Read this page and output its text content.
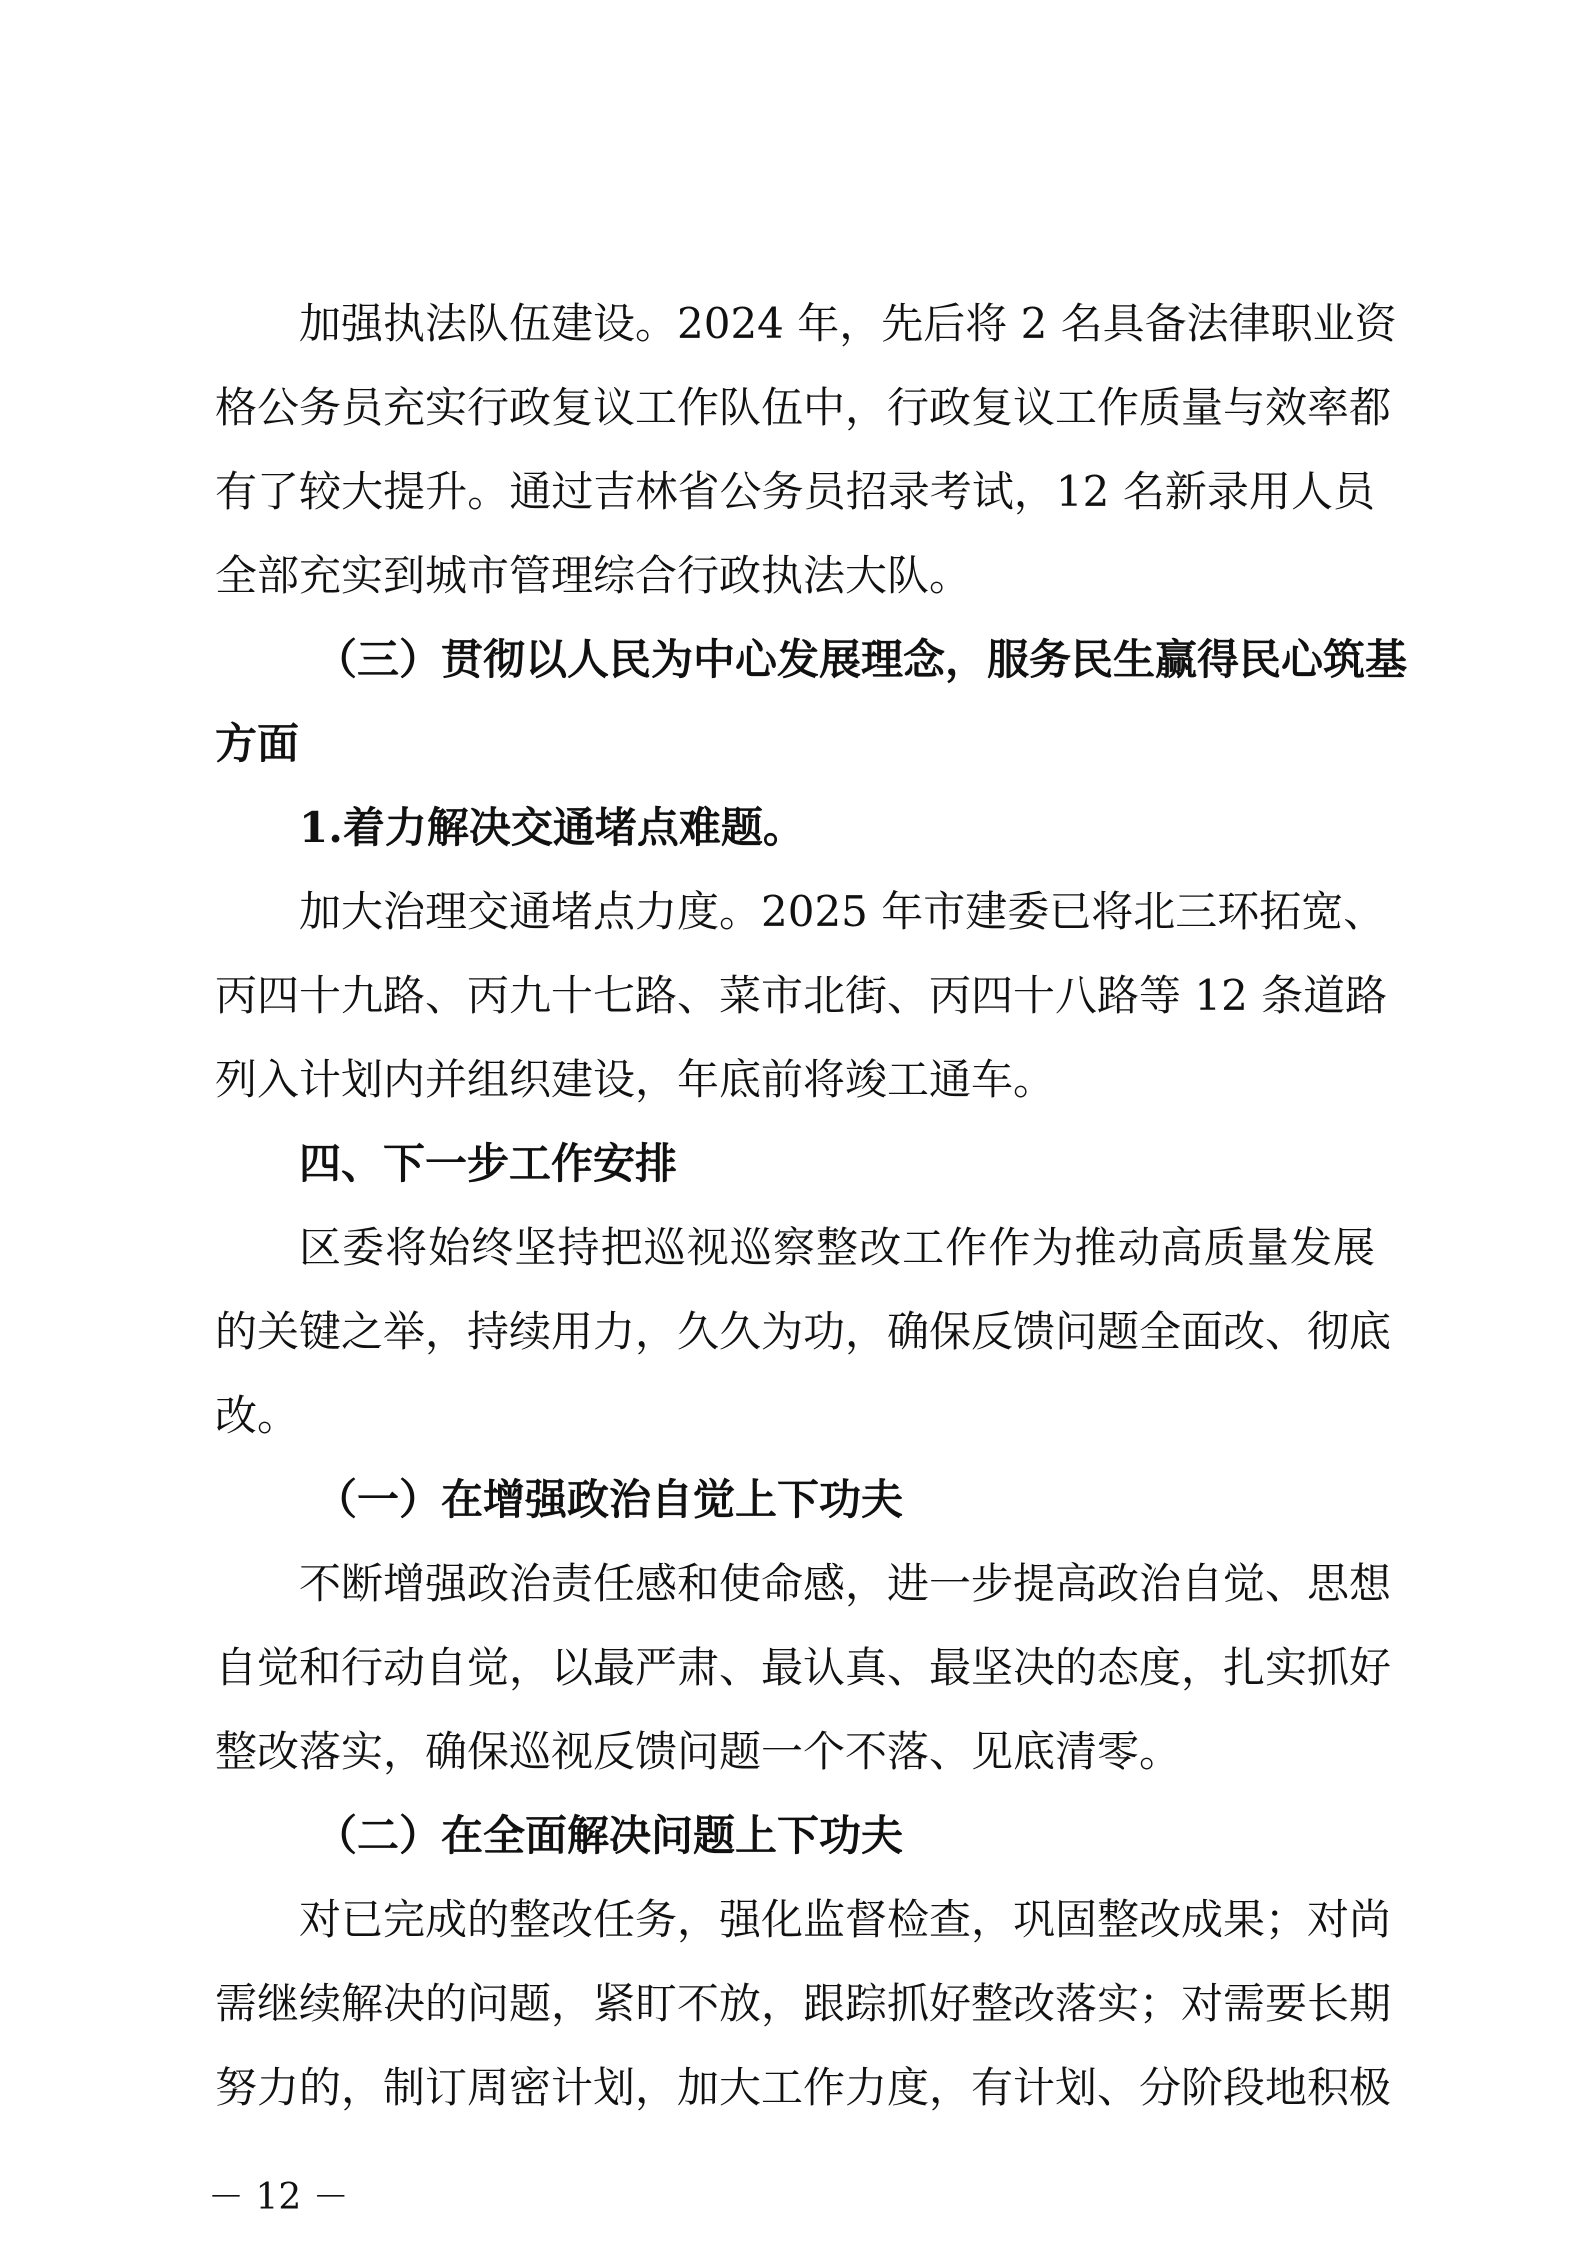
加强执法队伍建设。2024 年，先后将 2 名具备法律职业资
格公务员充实行政复议工作队伍中，行政复议工作质量与效率都
有了较大提升。通过吉林省公务员招录考试，12 名新录用人员
全部充实到城市管理综合行政执法大队。
（三）贯彻以人民为中心发展理念，服务民生赢得民心筑基
方面
1.着力解决交通堵点难题。
加大治理交通堵点力度。2025 年市建委已将北三环拓宽、
丙四十九路、丙九十七路、菜市北街、丙四十八路等 12 条道路
列入计划内并组织建设，年底前将竣工通车。
四、下一步工作安排
区委将始终坚持把巡视巡察整改工作作为推动高质量发展
的关键之举，持续用力，久久为功，确保反馈问题全面改、彻底
改。
（一）在增强政治自觉上下功夫
不断增强政治责任感和使命感，进一步提高政治自觉、思想
自觉和行动自觉，以最严肃、最认真、最坚决的态度，扎实抓好
整改落实，确保巡视反馈问题一个不落、见底清零。
（二）在全面解决问题上下功夫
对已完成的整改任务，强化监督检查，巩固整改成果；对尚
需继续解决的问题，紧盯不放，跟踪抓好整改落实；对需要长期
努力的，制订周密计划，加大工作力度，有计划、分阶段地积极
－ 12 －
